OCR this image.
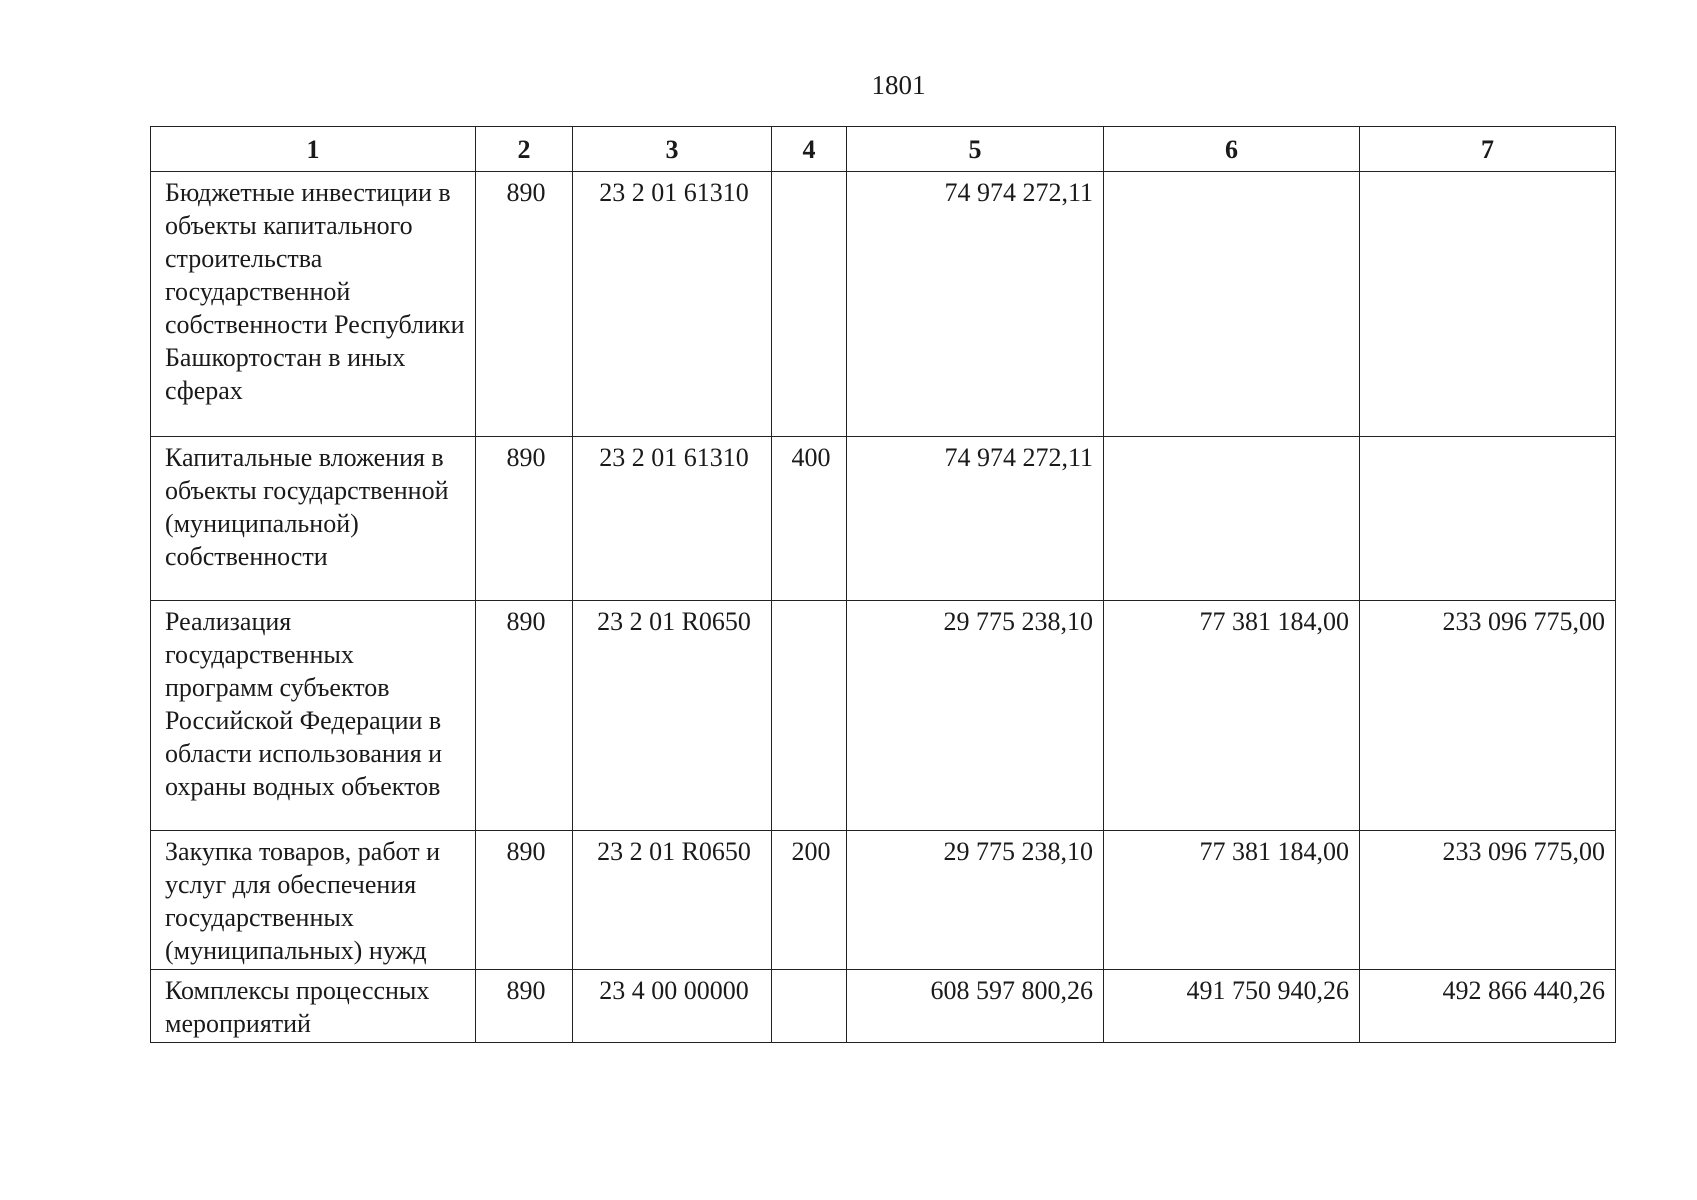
1801
1	2	3	4	5	6	7
Бюджетные инвестиции в объекты капитального строительства государственной собственности Республики Башкортостан в иных сферах	890	23 2 01 61310		74 974 272,11		
Капитальные вложения в объекты государственной (муниципальной) собственности	890	23 2 01 61310	400	74 974 272,11		
Реализация государственных программ субъектов Российской Федерации в области использования и охраны водных объектов	890	23 2 01 R0650		29 775 238,10	77 381 184,00	233 096 775,00
Закупка товаров, работ и услуг для обеспечения государственных (муниципальных) нужд	890	23 2 01 R0650	200	29 775 238,10	77 381 184,00	233 096 775,00
Комплексы процессных мероприятий	890	23 4 00 00000		608 597 800,26	491 750 940,26	492 866 440,26
